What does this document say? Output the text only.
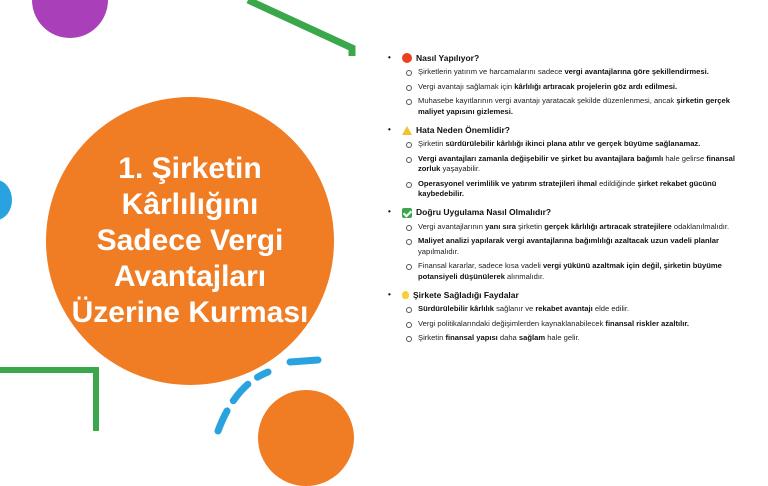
1. Şirketin Kârlılığını Sadece Vergi Avantajları Üzerine Kurması
•	Nasıl Yapılıyor?
Şirketlerin yatırım ve harcamalarını sadece vergi avantajlarına göre şekillendirmesi.
Vergi avantajı sağlamak için kârlılığı artıracak projelerin göz ardı edilmesi.
Muhasebe kayıtlarının vergi avantajı yaratacak şekilde düzenlenmesi, ancak şirketin gerçek maliyet yapısını gizlemesi.
•	Hata Neden Önemlidir?
Şirketin sürdürülebilir kârlılığı ikinci plana atılır ve gerçek büyüme sağlanamaz.
Vergi avantajları zamanla değişebilir ve şirket bu avantajlara bağımlı hale gelirse finansal zorluk yaşayabilir.
Operasyonel verimlilik ve yatırım stratejileri ihmal edildiğinde şirket rekabet gücünü kaybedebilir.
•	Doğru Uygulama Nasıl Olmalıdır?
Vergi avantajlarının yanı sıra şirketin gerçek kârlılığı artıracak stratejilere odaklanılmalıdır.
Maliyet analizi yapılarak vergi avantajlarına bağımlılığı azaltacak uzun vadeli planlar yapılmalıdır.
Finansal kararlar, sadece kısa vadeli vergi yükünü azaltmak için değil, şirketin büyüme potansiyeli düşünülerek alınmalıdır.
•	Şirkete Sağladığı Faydalar
Sürdürülebilir kârlılık sağlanır ve rekabet avantajı elde edilir.
Vergi politikalarındaki değişimlerden kaynaklanabilecek finansal riskler azaltılır.
Şirketin finansal yapısı daha sağlam hale gelir.
